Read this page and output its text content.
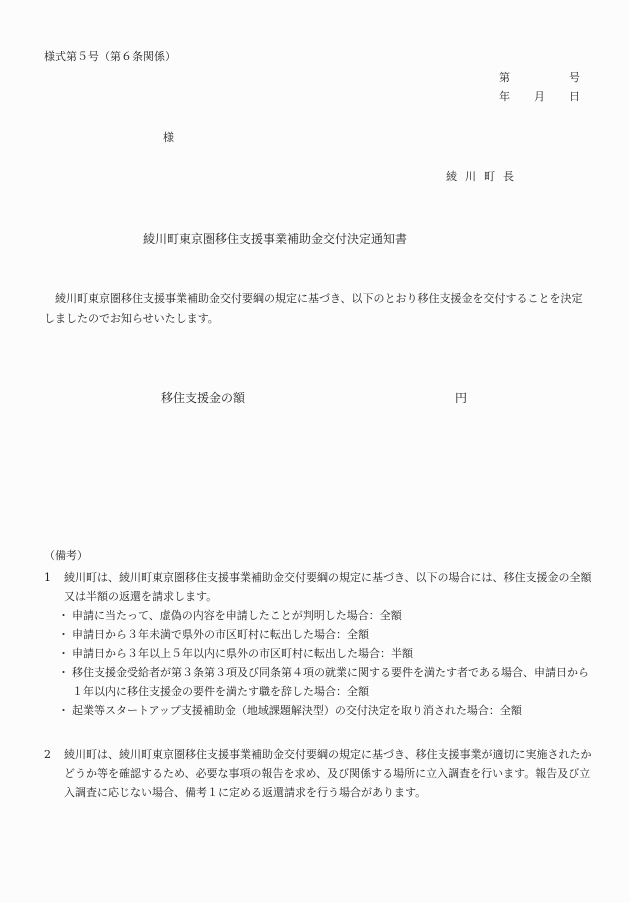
様式第５号（第６条関係）
第	号
年 月 日
様
綾川町長
綾川町東京圏移住支援事業補助金交付決定通知書
　綾川町東京圏移住支援事業補助金交付要綱の規定に基づき、以下のとおり移住支援金を交付することを決定しましたのでお知らせいたします。
移住支援金の額	円
（備考）
1	綾川町は、綾川町東京圏移住支援事業補助金交付要綱の規定に基づき、以下の場合には、移住支援金の全額又は半額の返還を請求します。
・ 申請に当たって、虚偽の内容を申請したことが判明した場合：全額
・ 申請日から３年未満で県外の市区町村に転出した場合：全額
・ 申請日から３年以上５年以内に県外の市区町村に転出した場合：半額
・ 移住支援金受給者が第３条第３項及び同条第４項の就業に関する要件を満たす者である場合、申請日から１年以内に移住支援金の要件を満たす職を辞した場合：全額
・ 起業等スタートアップ支援補助金（地域課題解決型）の交付決定を取り消された場合：全額
2	綾川町は、綾川町東京圏移住支援事業補助金交付要綱の規定に基づき、移住支援事業が適切に実施されたかどうか等を確認するため、必要な事項の報告を求め、及び関係する場所に立入調査を行います。報告及び立入調査に応じない場合、備考１に定める返還請求を行う場合があります。
